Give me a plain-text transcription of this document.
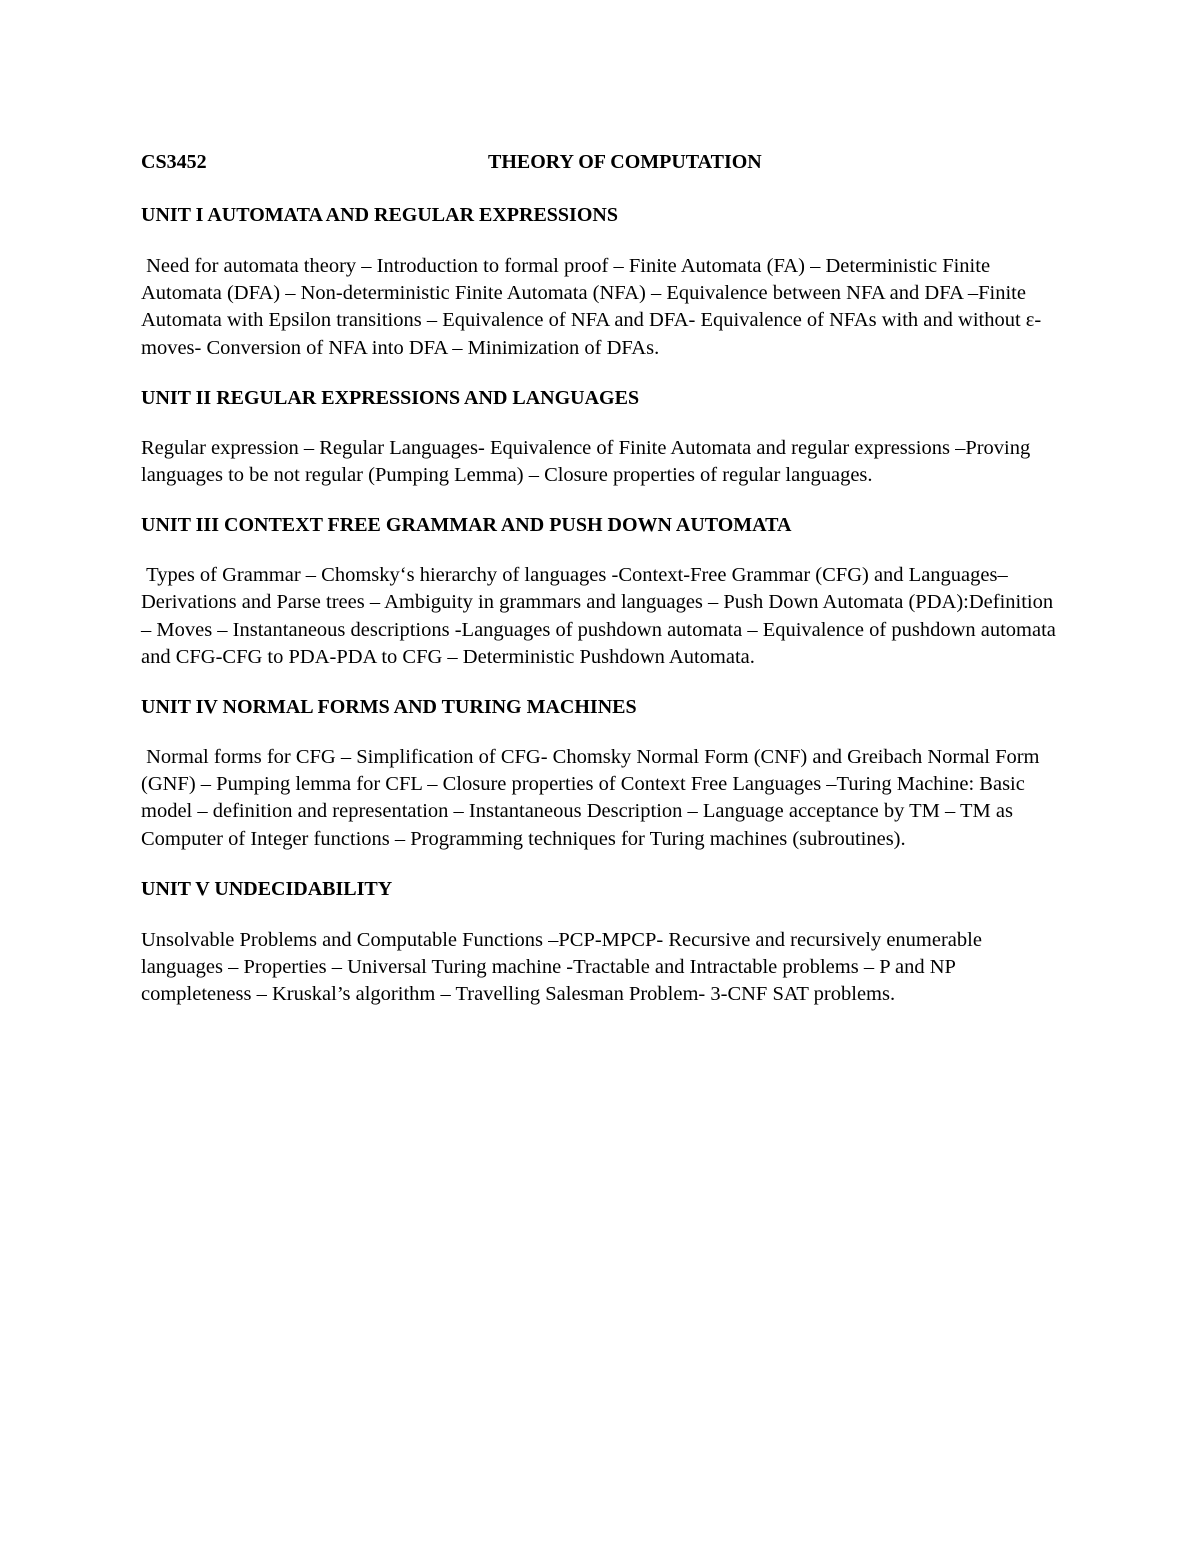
CS3452	THEORY OF COMPUTATION

UNIT I AUTOMATA AND REGULAR EXPRESSIONS

Need for automata theory – Introduction to formal proof – Finite Automata (FA) – Deterministic Finite Automata (DFA) – Non-deterministic Finite Automata (NFA) – Equivalence between NFA and DFA –Finite Automata with Epsilon transitions – Equivalence of NFA and DFA- Equivalence of NFAs with and without ε-moves- Conversion of NFA into DFA – Minimization of DFAs.

UNIT II REGULAR EXPRESSIONS AND LANGUAGES

Regular expression – Regular Languages- Equivalence of Finite Automata and regular expressions –Proving languages to be not regular (Pumping Lemma) – Closure properties of regular languages.

UNIT III CONTEXT FREE GRAMMAR AND PUSH DOWN AUTOMATA

Types of Grammar – Chomsky‘s hierarchy of languages -Context-Free Grammar (CFG) and Languages– Derivations and Parse trees – Ambiguity in grammars and languages – Push Down Automata (PDA):Definition – Moves – Instantaneous descriptions -Languages of pushdown automata – Equivalence of pushdown automata and CFG-CFG to PDA-PDA to CFG – Deterministic Pushdown Automata.

UNIT IV NORMAL FORMS AND TURING MACHINES

Normal forms for CFG – Simplification of CFG- Chomsky Normal Form (CNF) and Greibach Normal Form (GNF) – Pumping lemma for CFL – Closure properties of Context Free Languages –Turing Machine: Basic model – definition and representation – Instantaneous Description – Language acceptance by TM – TM as Computer of Integer functions – Programming techniques for Turing machines (subroutines).

UNIT V UNDECIDABILITY

Unsolvable Problems and Computable Functions –PCP-MPCP- Recursive and recursively enumerable languages – Properties – Universal Turing machine -Tractable and Intractable problems – P and NP completeness – Kruskal’s algorithm – Travelling Salesman Problem- 3-CNF SAT problems.
